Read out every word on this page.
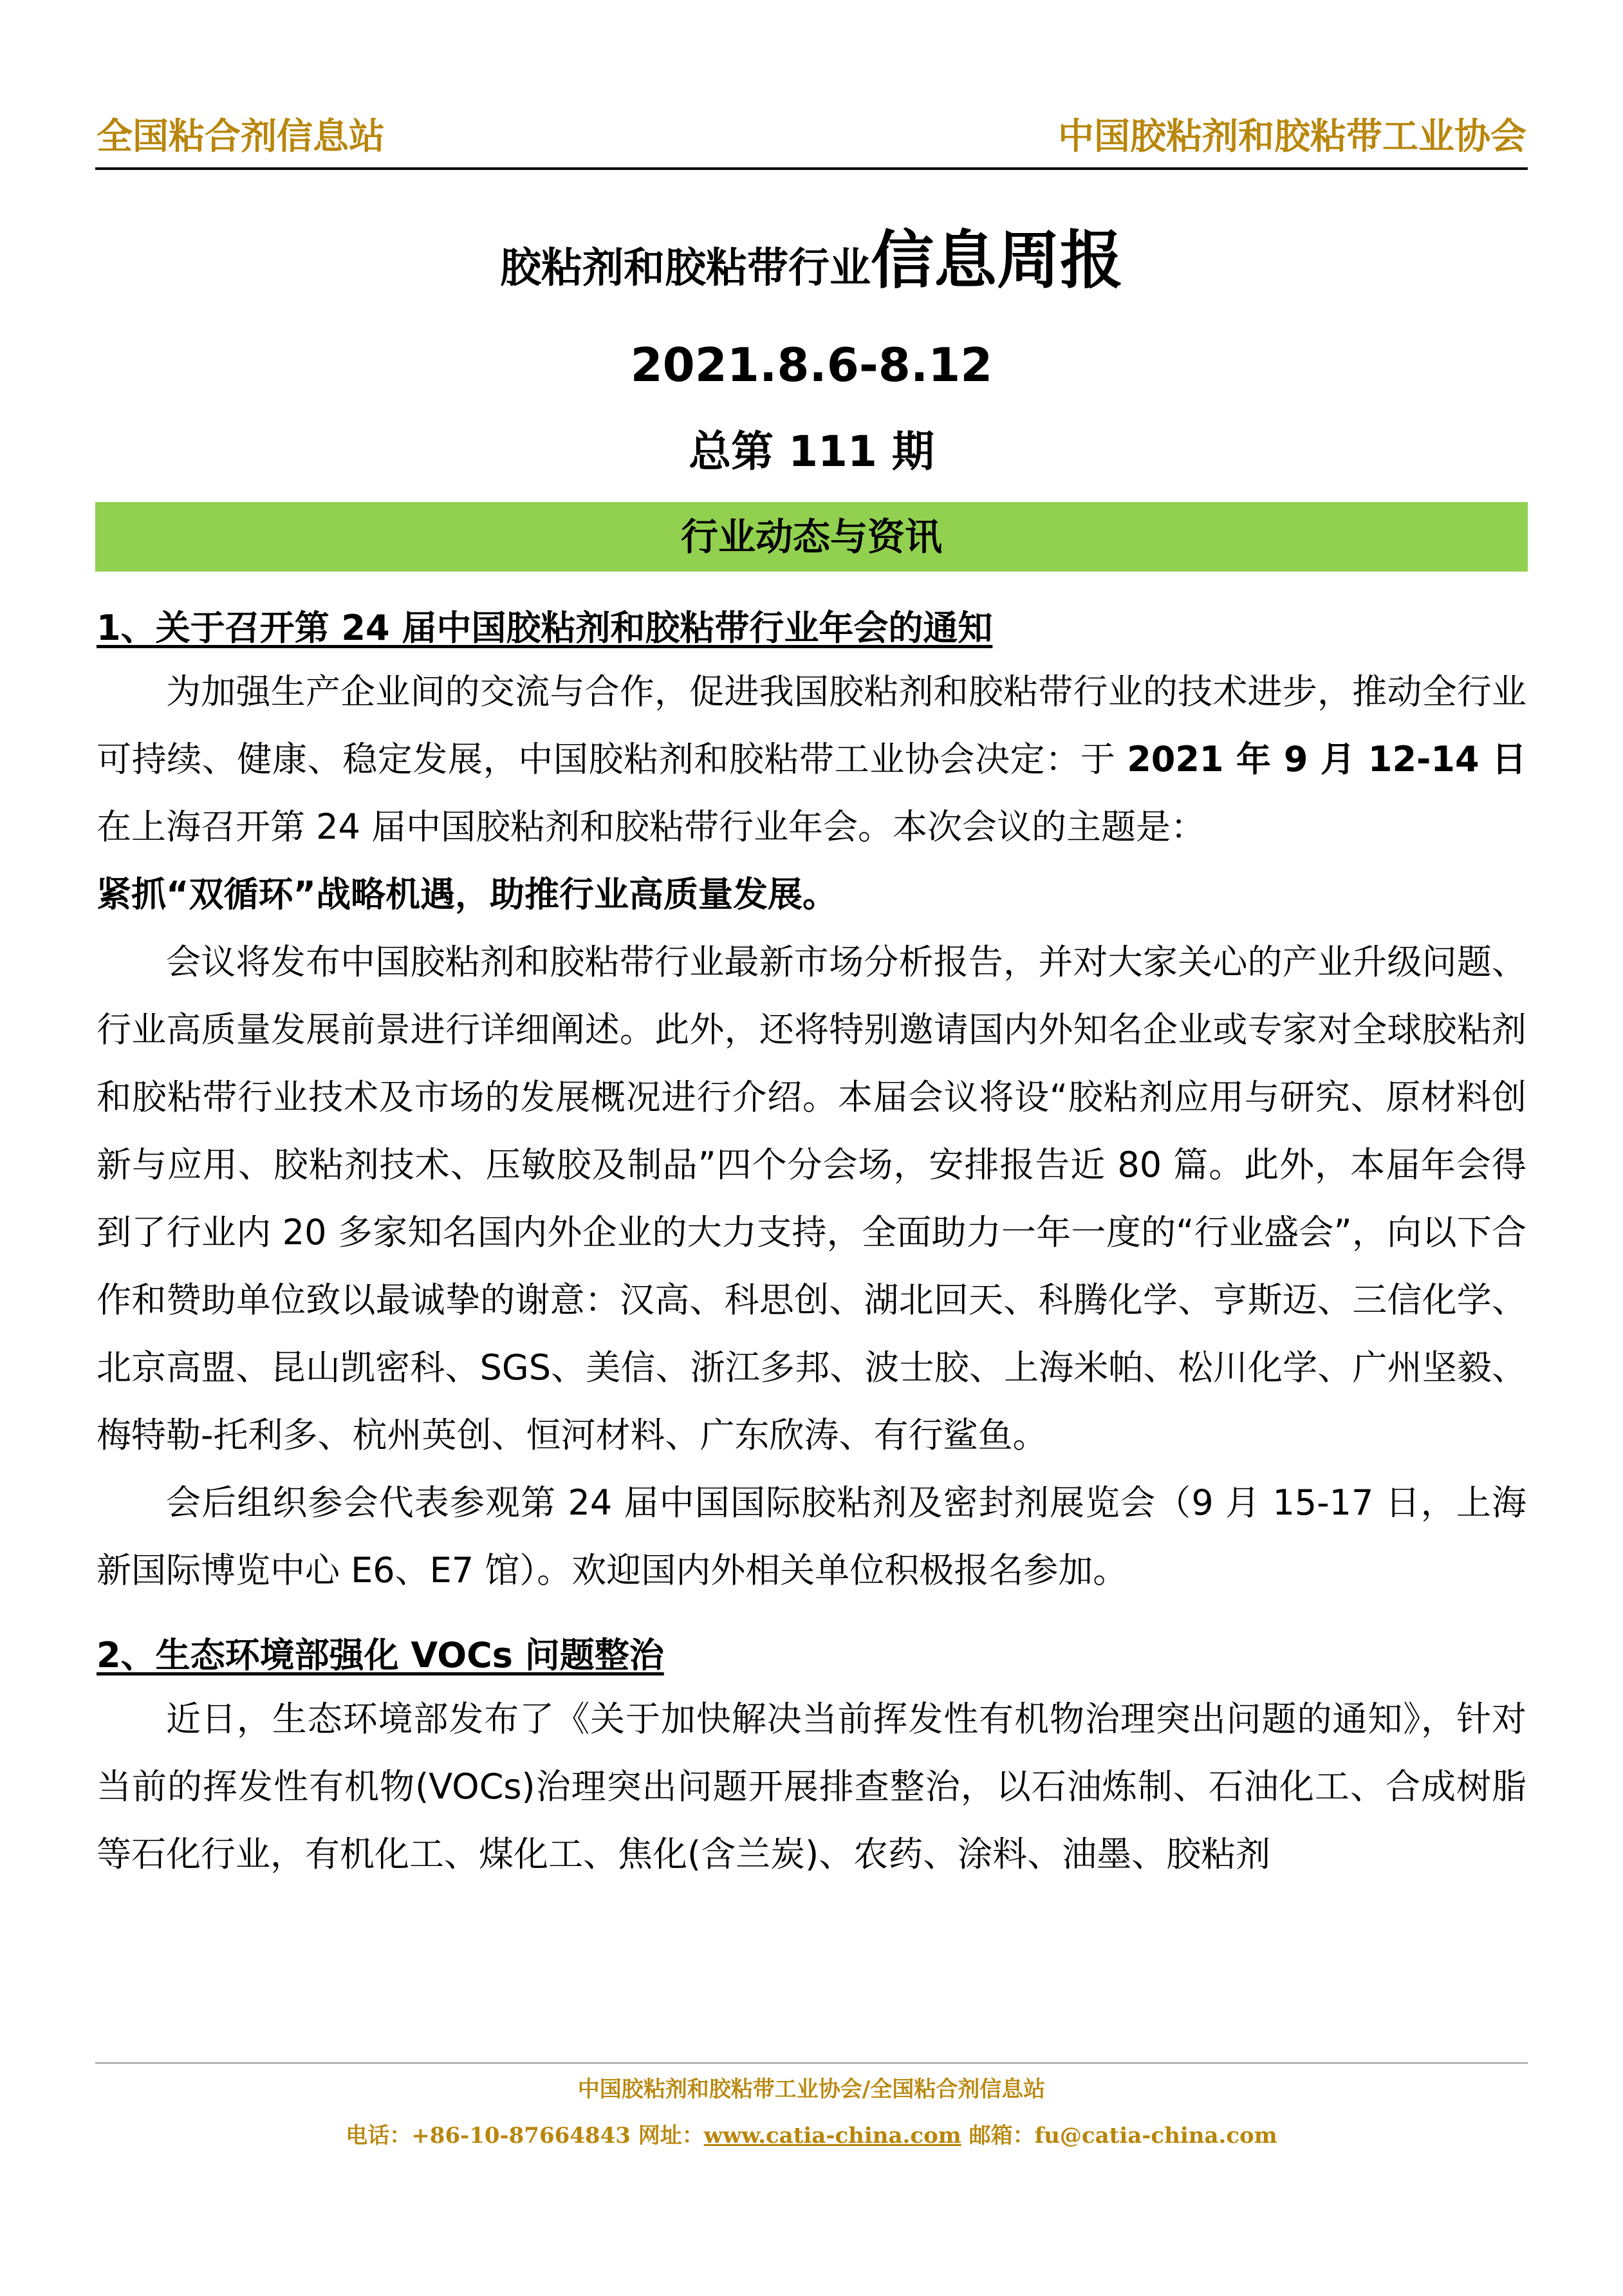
全国粘合剂信息站	中国胶粘剂和胶粘带工业协会
胶粘剂和胶粘带行业信息周报
2021.8.6-8.12
总第 111 期
行业动态与资讯
1、关于召开第 24 届中国胶粘剂和胶粘带行业年会的通知

为加强生产企业间的交流与合作，促进我国胶粘剂和胶粘带行业的技术进步，推动全行业可持续、健康、稳定发展，中国胶粘剂和胶粘带工业协会决定：于 2021 年 9 月 12-14 日在上海召开第 24 届中国胶粘剂和胶粘带行业年会。本次会议的主题是：
紧抓“双循环”战略机遇，助推行业高质量发展。

会议将发布中国胶粘剂和胶粘带行业最新市场分析报告，并对大家关心的产业升级问题、行业高质量发展前景进行详细阐述。此外，还将特别邀请国内外知名企业或专家对全球胶粘剂和胶粘带行业技术及市场的发展概况进行介绍。本届会议将设“胶粘剂应用与研究、原材料创新与应用、胶粘剂技术、压敏胶及制品”四个分会场，安排报告近 80 篇。此外，本届年会得到了行业内 20 多家知名国内外企业的大力支持，全面助力一年一度的“行业盛会”，向以下合作和赞助单位致以最诚挚的谢意：汉高、科思创、湖北回天、科腾化学、亨斯迈、三信化学、北京高盟、昆山凯密科、SGS、美信、浙江多邦、波士胶、上海米帕、松川化学、广州坚毅、梅特勒-托利多、杭州英创、恒河材料、广东欣涛、有行鲨鱼。

会后组织参会代表参观第 24 届中国国际胶粘剂及密封剂展览会（9 月 15-17 日，上海新国际博览中心 E6、E7 馆）。欢迎国内外相关单位积极报名参加。

2、生态环境部强化 VOCs 问题整治

近日，生态环境部发布了《关于加快解决当前挥发性有机物治理突出问题的通知》，针对当前的挥发性有机物(VOCs)治理突出问题开展排查整治，以石油炼制、石油化工、合成树脂等石化行业，有机化工、煤化工、焦化(含兰炭)、农药、涂料、油墨、胶粘剂

中国胶粘剂和胶粘带工业协会/全国粘合剂信息站
电话：+86-10-87664843 网址：www.catia-china.com 邮箱：fu@catia-china.com
